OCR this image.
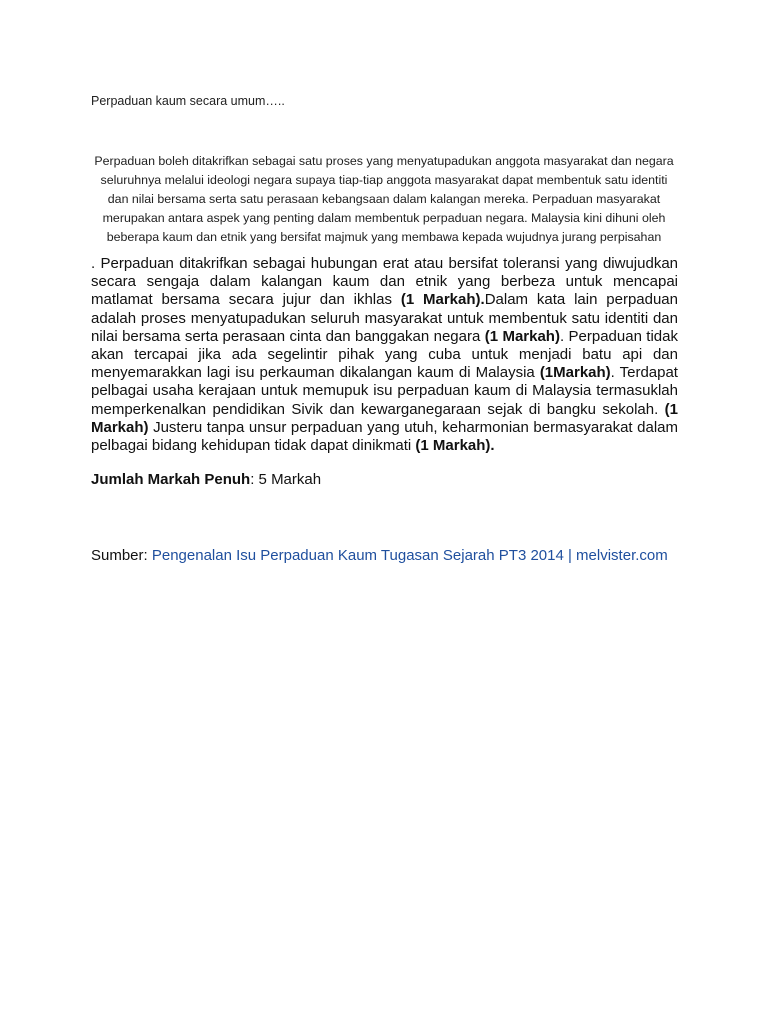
Perpaduan kaum secara umum…..
Perpaduan boleh ditakrifkan sebagai satu proses yang menyatupadukan anggota masyarakat dan negara
seluruhnya melalui ideologi negara supaya tiap-tiap anggota masyarakat dapat membentuk satu identiti
dan nilai bersama serta satu perasaan kebangsaan dalam kalangan mereka. Perpaduan masyarakat
merupakan antara aspek yang penting dalam membentuk perpaduan negara. Malaysia kini dihuni oleh
beberapa kaum dan etnik yang bersifat majmuk yang membawa kepada wujudnya jurang perpisahan
. Perpaduan ditakrifkan sebagai hubungan erat atau bersifat toleransi yang diwujudkan secara sengaja dalam kalangan kaum dan etnik yang berbeza untuk mencapai matlamat bersama secara jujur dan ikhlas (1 Markah).Dalam kata lain perpaduan adalah proses menyatupadukan seluruh masyarakat untuk membentuk satu identiti dan nilai bersama serta perasaan cinta dan banggakan negara (1 Markah). Perpaduan tidak akan tercapai jika ada segelintir pihak yang cuba untuk menjadi batu api dan menyemarakkan lagi isu perkauman dikalangan kaum di Malaysia (1Markah). Terdapat pelbagai usaha kerajaan untuk memupuk isu perpaduan kaum di Malaysia termasuklah memperkenalkan pendidikan Sivik dan kewarganegaraan sejak di bangku sekolah. (1 Markah) Justeru tanpa unsur perpaduan yang utuh, keharmonian bermasyarakat dalam pelbagai bidang kehidupan tidak dapat dinikmati (1 Markah).
Jumlah Markah Penuh: 5 Markah
Sumber: Pengenalan Isu Perpaduan Kaum Tugasan Sejarah PT3 2014 | melvister.com
